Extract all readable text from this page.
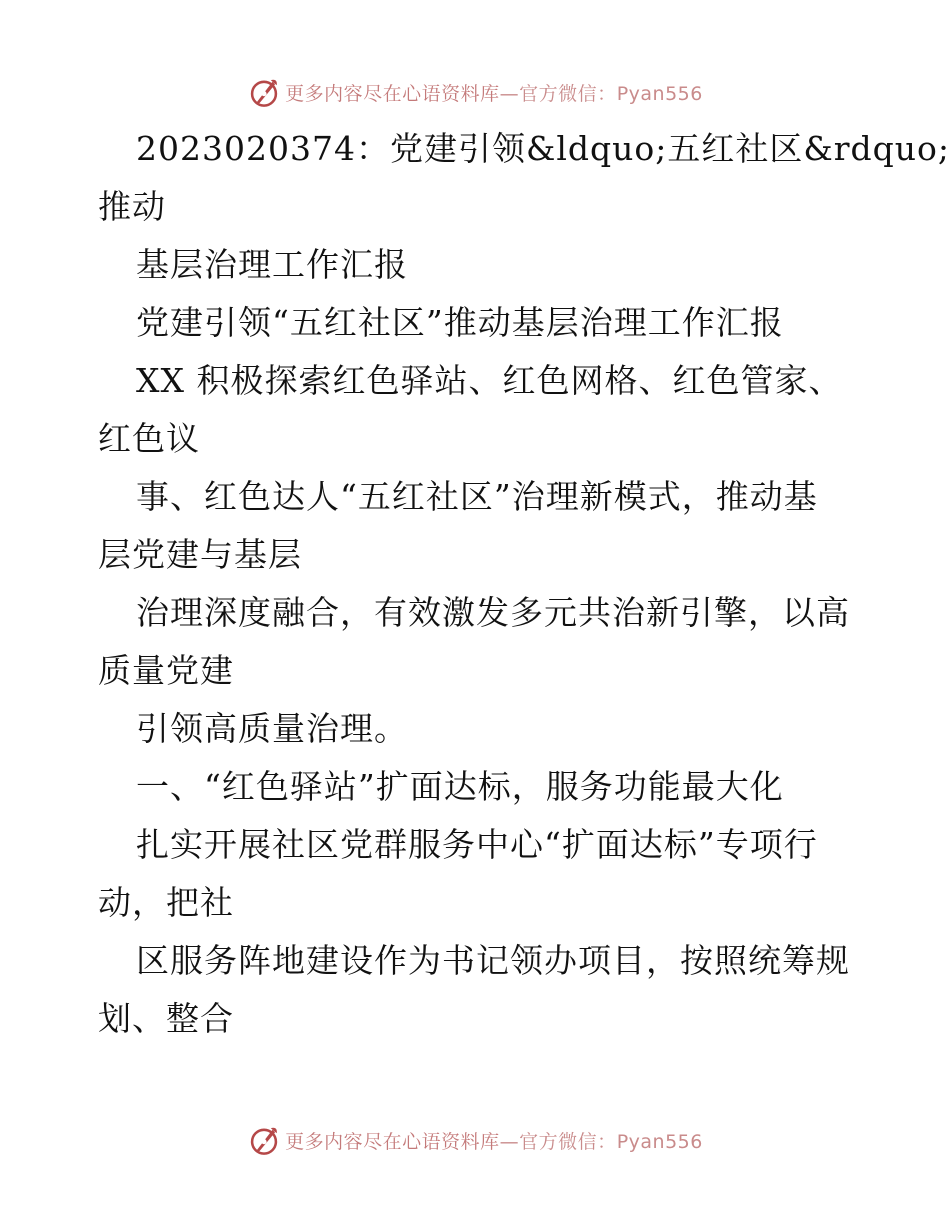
更多内容尽在心语资料库—官方微信：Pyan556
2023020374：党建引领&ldquo;五红社区&rdquo;
推动
基层治理工作汇报
党建引领“五红社区”推动基层治理工作汇报
XX 积极探索红色驿站、红色网格、红色管家、
红色议
事、红色达人“五红社区”治理新模式，推动基
层党建与基层
治理深度融合，有效激发多元共治新引擎，以高
质量党建
引领高质量治理。
一、“红色驿站”扩面达标，服务功能最大化
扎实开展社区党群服务中心“扩面达标”专项行
动，把社
区服务阵地建设作为书记领办项目，按照统筹规
划、整合
更多内容尽在心语资料库—官方微信：Pyan556
